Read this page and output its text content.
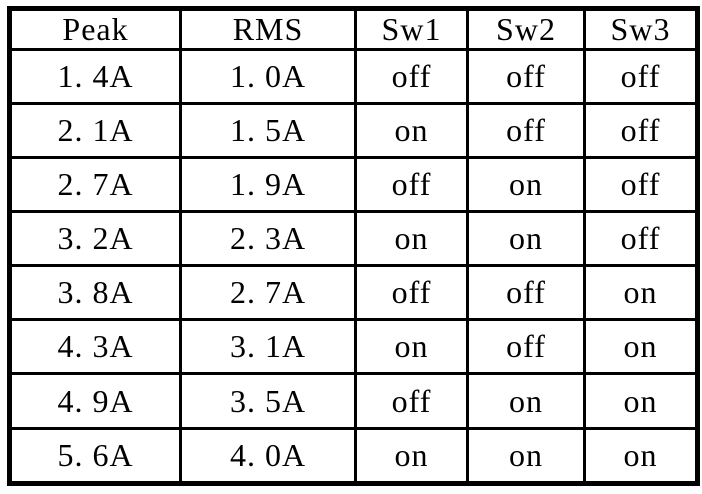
Peak	RMS	Sw1	Sw2	Sw3
1. 4A	1. 0A	off	off	off
2. 1A	1. 5A	on	off	off
2. 7A	1. 9A	off	on	off
3. 2A	2. 3A	on	on	off
3. 8A	2. 7A	off	off	on
4. 3A	3. 1A	on	off	on
4. 9A	3. 5A	off	on	on
5. 6A	4. 0A	on	on	on
